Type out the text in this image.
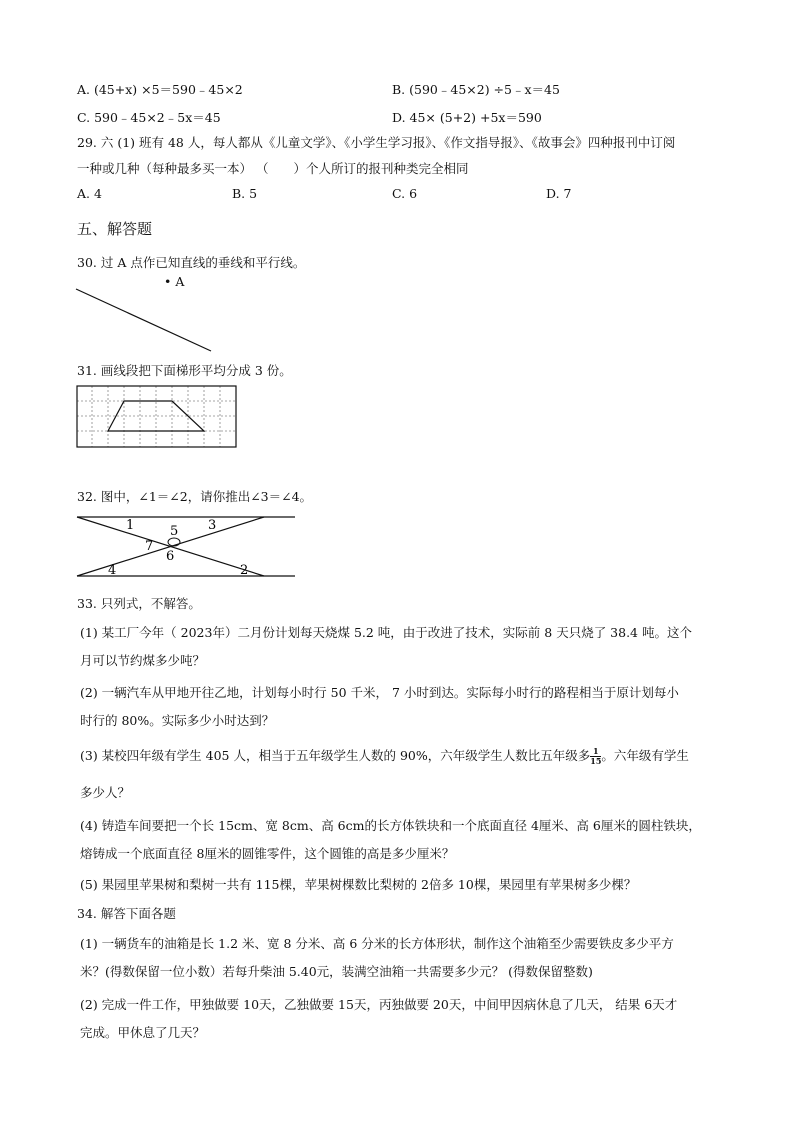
A. (45+x) ×5＝590﹣45×2	B. (590﹣45×2) ÷5﹣x＝45
C. 590﹣45×2﹣5x＝45	D. 45× (5+2) +5x＝590
29. 六 (1) 班有 48 人，每人都从《儿童文学》、《小学生学习报》、《作文指导报》、《故事会》四种报刊中订阅
一种或几种（每种最多买一本） （　　）个人所订的报刊种类完全相同
A. 4	B. 5	C. 6	D. 7
五、解答题
30. 过 A 点作已知直线的垂线和平行线。
• A
31. 画线段把下面梯形平均分成 3 份。
32. 图中，∠1＝∠2，请你推出∠3＝∠4。
1
2
3
4
5
6
7
33. 只列式，不解答。
(1) 某工厂今年（ 2023年）二月份计划每天烧煤 5.2 吨，由于改进了技术，实际前 8 天只烧了 38.4 吨。这个
月可以节约煤多少吨？
(2) 一辆汽车从甲地开往乙地，计划每小时行 50 千米， 7 小时到达。实际每小时行的路程相当于原计划每小
时行的 80%。实际多少小时达到？
(3) 某校四年级有学生 405 人，相当于五年级学生人数的 90%，六年级学生人数比五年级多 $\frac{1}{15}$ 。六年级有学生
多少人？
(4) 铸造车间要把一个长 15cm、宽 8cm、高 6cm的长方体铁块和一个底面直径 4厘米、高 6厘米的圆柱铁块，
熔铸成一个底面直径 8厘米的圆锥零件，这个圆锥的高是多少厘米？
(5) 果园里苹果树和梨树一共有 115棵，苹果树棵数比梨树的 2倍多 10棵，果园里有苹果树多少棵？
34. 解答下面各题
(1) 一辆货车的油箱是长 1.2 米、宽 8 分米、高 6 分米的长方体形状，制作这个油箱至少需要铁皮多少平方
米？(得数保留一位小数）若每升柴油 5.40元，装满空油箱一共需要多少元？ (得数保留整数)
(2) 完成一件工作，甲独做要 10天，乙独做要 15天，丙独做要 20天，中间甲因病休息了几天， 结果 6天才
完成。甲休息了几天？
